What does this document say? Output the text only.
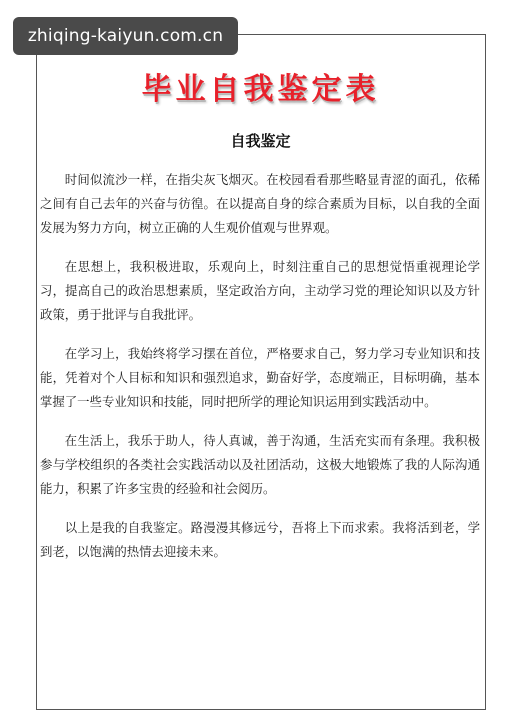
zhiqing-kaiyun.com.cn
毕业自我鉴定表
自我鉴定

时间似流沙一样，在指尖灰飞烟灭。在校园看看那些略显青涩的面孔，依稀之间有自己去年的兴奋与彷徨。在以提高自身的综合素质为目标，以自我的全面发展为努力方向，树立正确的人生观价值观与世界观。

在思想上，我积极进取，乐观向上，时刻注重自己的思想觉悟重视理论学习，提高自己的政治思想素质，坚定政治方向，主动学习党的理论知识以及方针政策，勇于批评与自我批评。

在学习上，我始终将学习摆在首位，严格要求自己，努力学习专业知识和技能，凭着对个人目标和知识和强烈追求，勤奋好学，态度端正，目标明确，基本掌握了一些专业知识和技能，同时把所学的理论知识运用到实践活动中。

在生活上，我乐于助人，待人真诚，善于沟通，生活充实而有条理。我积极参与学校组织的各类社会实践活动以及社团活动，这极大地锻炼了我的人际沟通能力，积累了许多宝贵的经验和社会阅历。

以上是我的自我鉴定。路漫漫其修远兮，吾将上下而求索。我将活到老，学到老，以饱满的热情去迎接未来。
